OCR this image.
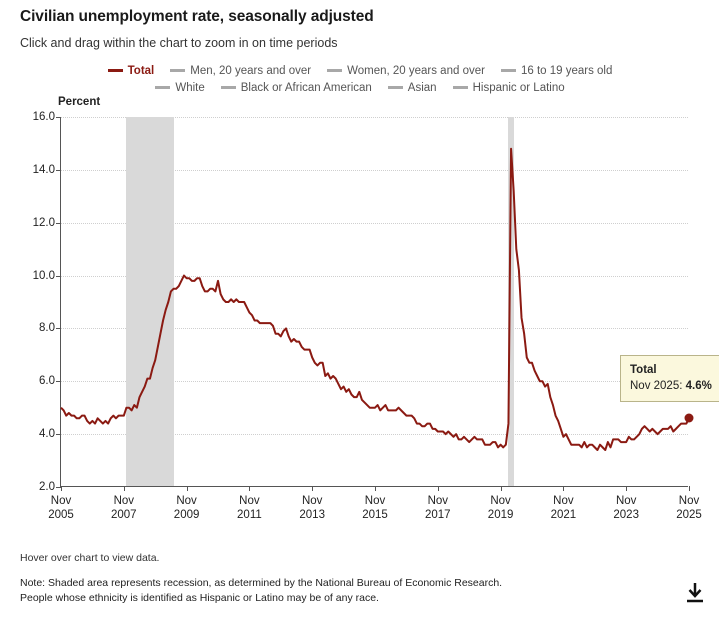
Civilian unemployment rate, seasonally adjusted
Click and drag within the chart to zoom in on time periods
Total	Men, 20 years and over	Women, 20 years and over	16 to 19 years old
White	Black or African American	Asian	Hispanic or Latino
Percent
2.0
4.0
6.0
8.0
10.0
12.0
14.0
16.0
Nov
2005
Nov
2007
Nov
2009
Nov
2011
Nov
2013
Nov
2015
Nov
2017
Nov
2019
Nov
2021
Nov
2023
Nov
2025
Total
Nov 2025: 4.6%
Hover over chart to view data.
Note: Shaded area represents recession, as determined by the National Bureau of Economic Research.
People whose ethnicity is identified as Hispanic or Latino may be of any race.
